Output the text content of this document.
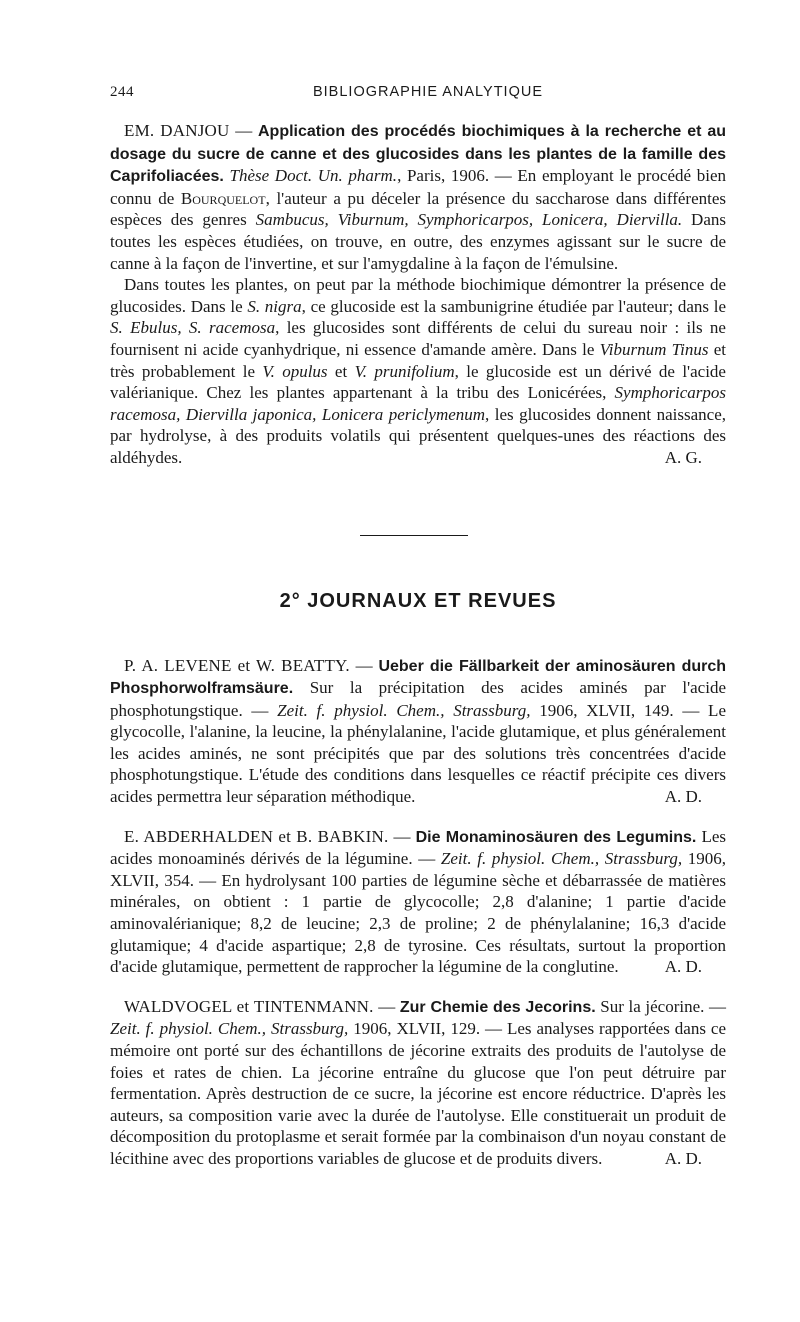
244	BIBLIOGRAPHIE ANALYTIQUE

EM. DANJOU — Application des procédés biochimiques à la recherche et au dosage du sucre de canne et des glucosides dans les plantes de la famille des Caprifoliacées. Thèse Doct. Un. pharm., Paris, 1906. — En employant le procédé bien connu de Bourquelot, l'auteur a pu déceler la présence du saccharose dans différentes espèces des genres Sambucus, Viburnum, Symphoricarpos, Lonicera, Diervilla. Dans toutes les espèces étudiées, on trouve, en outre, des enzymes agissant sur le sucre de canne à la façon de l'invertine, et sur l'amygdaline à la façon de l'émulsine.

Dans toutes les plantes, on peut par la méthode biochimique démontrer la présence de glucosides. Dans le S. nigra, ce glucoside est la sambunigrine étudiée par l'auteur; dans le S. Ebulus, S. racemosa, les glucosides sont différents de celui du sureau noir : ils ne fournisent ni acide cyanhydrique, ni essence d'amande amère. Dans le Viburnum Tinus et très probablement le V. opulus et V. prunifolium, le glucoside est un dérivé de l'acide valérianique. Chez les plantes appartenant à la tribu des Lonicérées, Symphoricarpos racemosa, Diervilla japonica, Lonicera periclymenum, les glucosides donnent naissance, par hydrolyse, à des produits volatils qui présentent quelques-unes des réactions des aldéhydes.	A. G.

2° JOURNAUX ET REVUES

P. A. LEVENE et W. BEATTY. — Ueber die Fällbarkeit der aminosäuren durch Phosphorwolframsäure. Sur la précipitation des acides aminés par l'acide phosphotungstique. — Zeit. f. physiol. Chem., Strassburg, 1906, XLVII, 149. — Le glycocolle, l'alanine, la leucine, la phénylalanine, l'acide glutamique, et plus généralement les acides aminés, ne sont précipités que par des solutions très concentrées d'acide phosphotungstique. L'étude des conditions dans lesquelles ce réactif précipite ces divers acides permettra leur séparation méthodique.	A. D.

E. ABDERHALDEN et B. BABKIN. — Die Monaminosäuren des Legumins. Les acides monoaminés dérivés de la légumine. — Zeit. f. physiol. Chem., Strassburg, 1906, XLVII, 354. — En hydrolysant 100 parties de légumine sèche et débarrassée de matières minérales, on obtient : 1 partie de glycocolle; 2,8 d'alanine; 1 partie d'acide aminovalérianique; 8,2 de leucine; 2,3 de proline; 2 de phénylalanine; 16,3 d'acide glutamique; 4 d'acide aspartique; 2,8 de tyrosine. Ces résultats, surtout la proportion d'acide glutamique, permettent de rapprocher la légumine de la conglutine.	A. D.

WALDVOGEL et TINTENMANN. — Zur Chemie des Jecorins. Sur la jécorine. — Zeit. f. physiol. Chem., Strassburg, 1906, XLVII, 129. — Les analyses rapportées dans ce mémoire ont porté sur des échantillons de jécorine extraits des produits de l'autolyse de foies et rates de chien. La jécorine entraîne du glucose que l'on peut détruire par fermentation. Après destruction de ce sucre, la jécorine est encore réductrice. D'après les auteurs, sa composition varie avec la durée de l'autolyse. Elle constituerait un produit de décomposition du protoplasme et serait formée par la combinaison d'un noyau constant de lécithine avec des proportions variables de glucose et de produits divers.	A. D.
